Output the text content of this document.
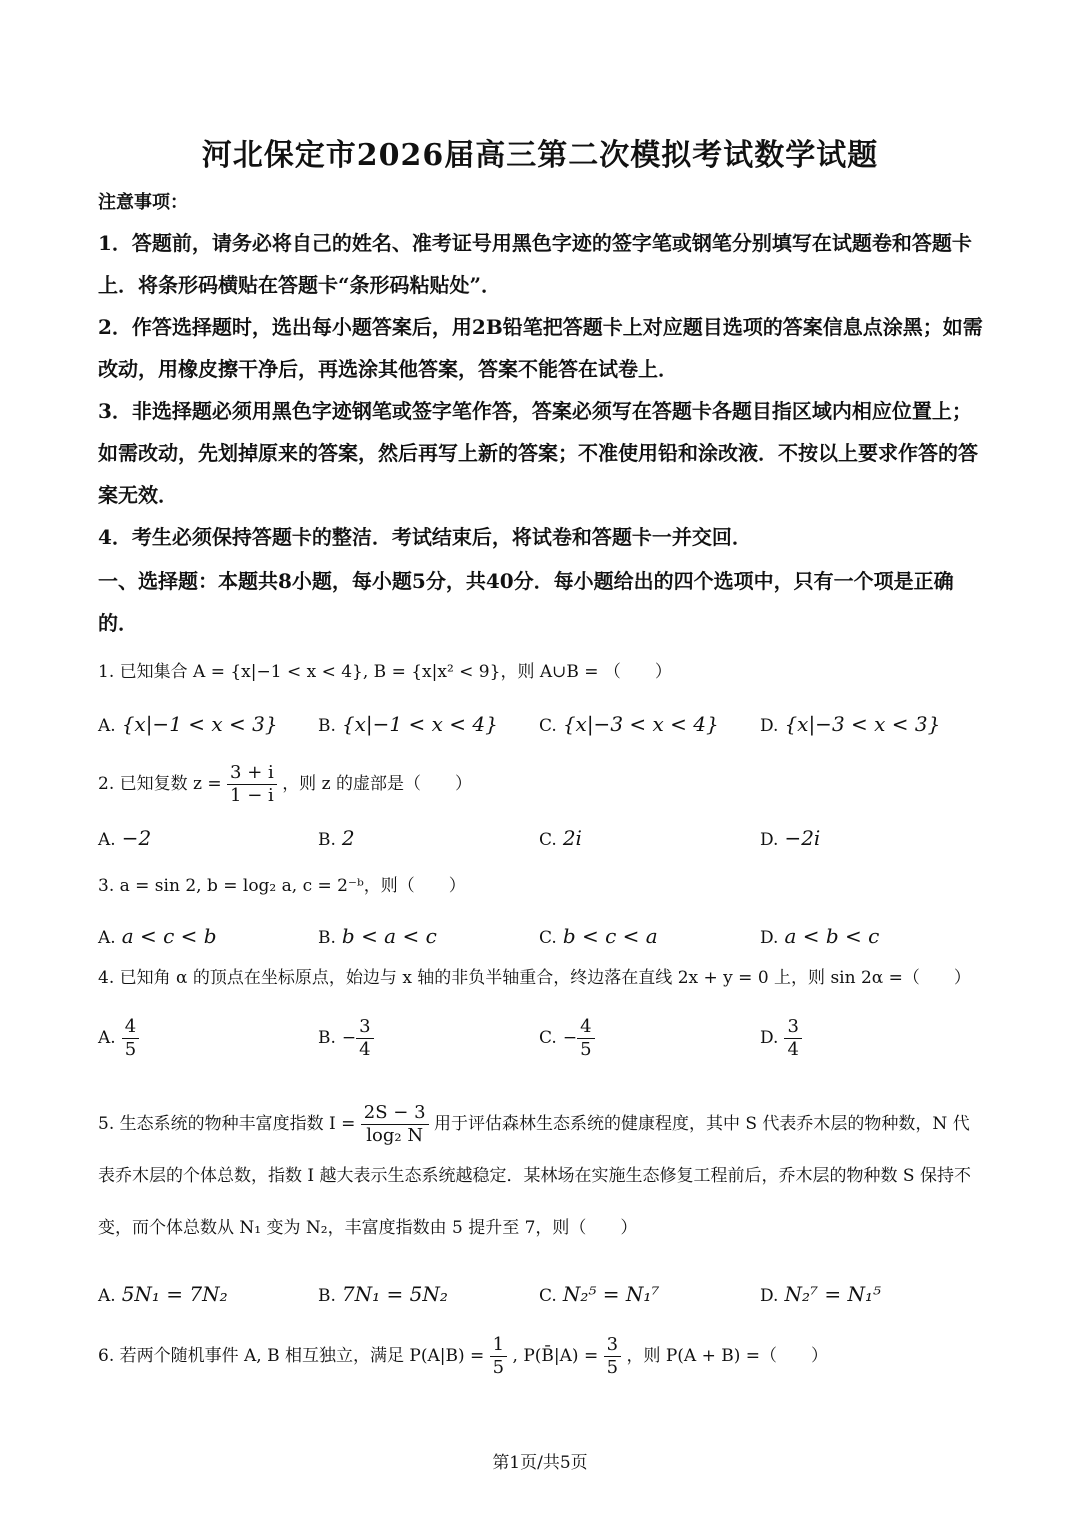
河北保定市2026届高三第二次模拟考试数学试题
注意事项：
1．答题前，请务必将自己的姓名、准考证号用黑色字迹的签字笔或钢笔分别填写在试题卷和答题卡上．将条形码横贴在答题卡“条形码粘贴处”．
2．作答选择题时，选出每小题答案后，用2B铅笔把答题卡上对应题目选项的答案信息点涂黑；如需改动，用橡皮擦干净后，再选涂其他答案，答案不能答在试卷上．
3．非选择题必须用黑色字迹钢笔或签字笔作答，答案必须写在答题卡各题目指区域内相应位置上；如需改动，先划掉原来的答案，然后再写上新的答案；不准使用铅和涂改液．不按以上要求作答的答案无效．
4．考生必须保持答题卡的整洁．考试结束后，将试卷和答题卡一并交回．
一、选择题：本题共8小题，每小题5分，共40分．每小题给出的四个选项中，只有一个项是正确的．
1. 已知集合 A = {x|−1 < x < 4}, B = {x|x² < 9}，则 A∪B = （　　）
A. {x|−1 < x < 3} B. {x|−1 < x < 4} C. {x|−3 < x < 4} D. {x|−3 < x < 3}
2. 已知复数 $z = \frac{3 + i}{1 - i}$ ，则 z 的虚部是（　　）
A. −2	B. 2	C. 2i	D. −2i
3. a = sin 2, b = log₂ a, c = 2⁻ᵇ，则（　　）
A. a < c < b	B. b < a < c	C. b < c < a	D. a < b < c
4. 已知角 α 的顶点在坐标原点，始边与 x 轴的非负半轴重合，终边落在直线 2x + y = 0 上，则 sin 2α =（　　）
A. $\frac{4}{5}$	B. − $\frac{3}{4}$	C. − $\frac{4}{5}$	D. $\frac{3}{4}$
5. 生态系统的物种丰富度指数 $I = \frac{2S - 3}{\text{log₂ N}}$ 用于评估森林生态系统的健康程度，其中 S 代表乔木层的物种数，N 代表乔木层的个体总数，指数 I 越大表示生态系统越稳定．某林场在实施生态修复工程前后，乔木层的物种数 S 保持不变，而个体总数从 N₁ 变为 N₂，丰富度指数由 5 提升至 7，则（　　）
A. 5N₁ = 7N₂	B. 7N₁ = 5N₂	C. N₂⁵ = N₁⁷	D. N₂⁷ = N₁⁵
6. 若两个随机事件 A, B 相互独立，满足 $P(A|B) = \frac{1}{5}$ , P(B̄|A) = $\frac{3}{5}$ ，则 P(A + B) =（　　）
第1页/共5页
